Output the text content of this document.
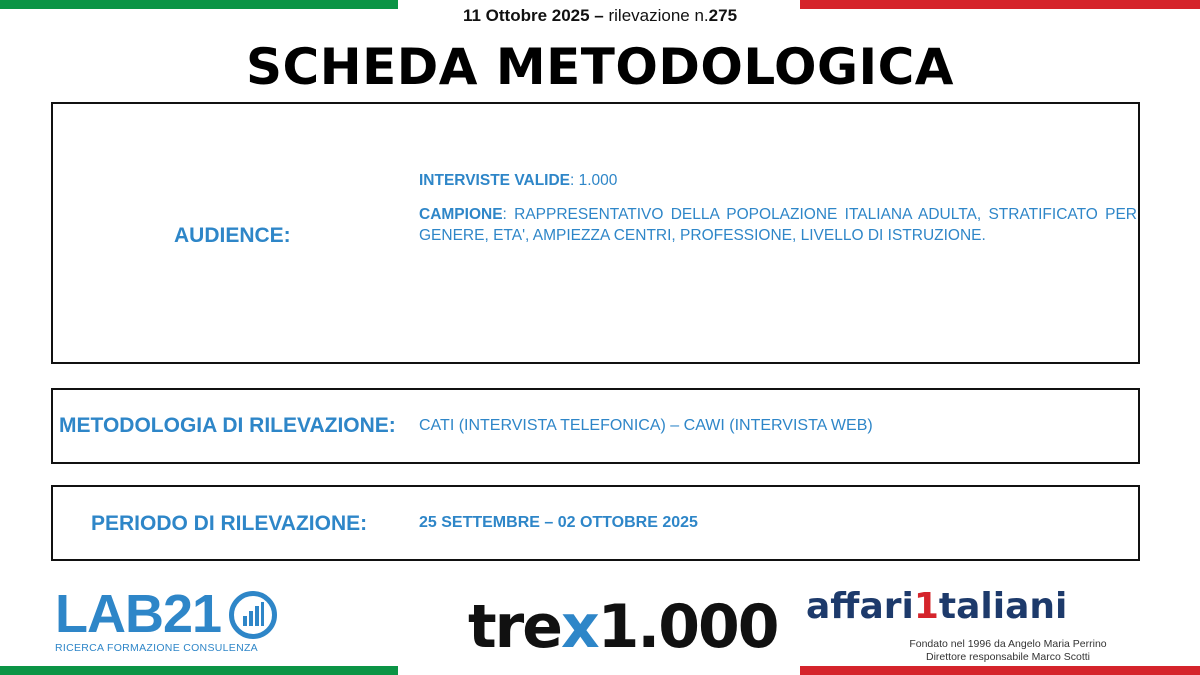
11 Ottobre 2025 – rilevazione n.275
SCHEDA METODOLOGICA
AUDIENCE:

INTERVISTE VALIDE: 1.000

CAMPIONE: RAPPRESENTATIVO DELLA POPOLAZIONE ITALIANA ADULTA, STRATIFICATO PER GENERE, ETA', AMPIEZZA CENTRI, PROFESSIONE, LIVELLO DI ISTRUZIONE.

METODOLOGIA DI RILEVAZIONE: CATI (INTERVISTA TELEFONICA) – CAWI (INTERVISTA WEB)
PERIODO DI RILEVAZIONE:	25 SETTEMBRE – 02 OTTOBRE 2025
LAB21
RICERCA FORMAZIONE CONSULENZA	trex1.000 affari1taliani
Fondato nel 1996 da Angelo Maria Perrino
Direttore responsabile Marco Scotti
